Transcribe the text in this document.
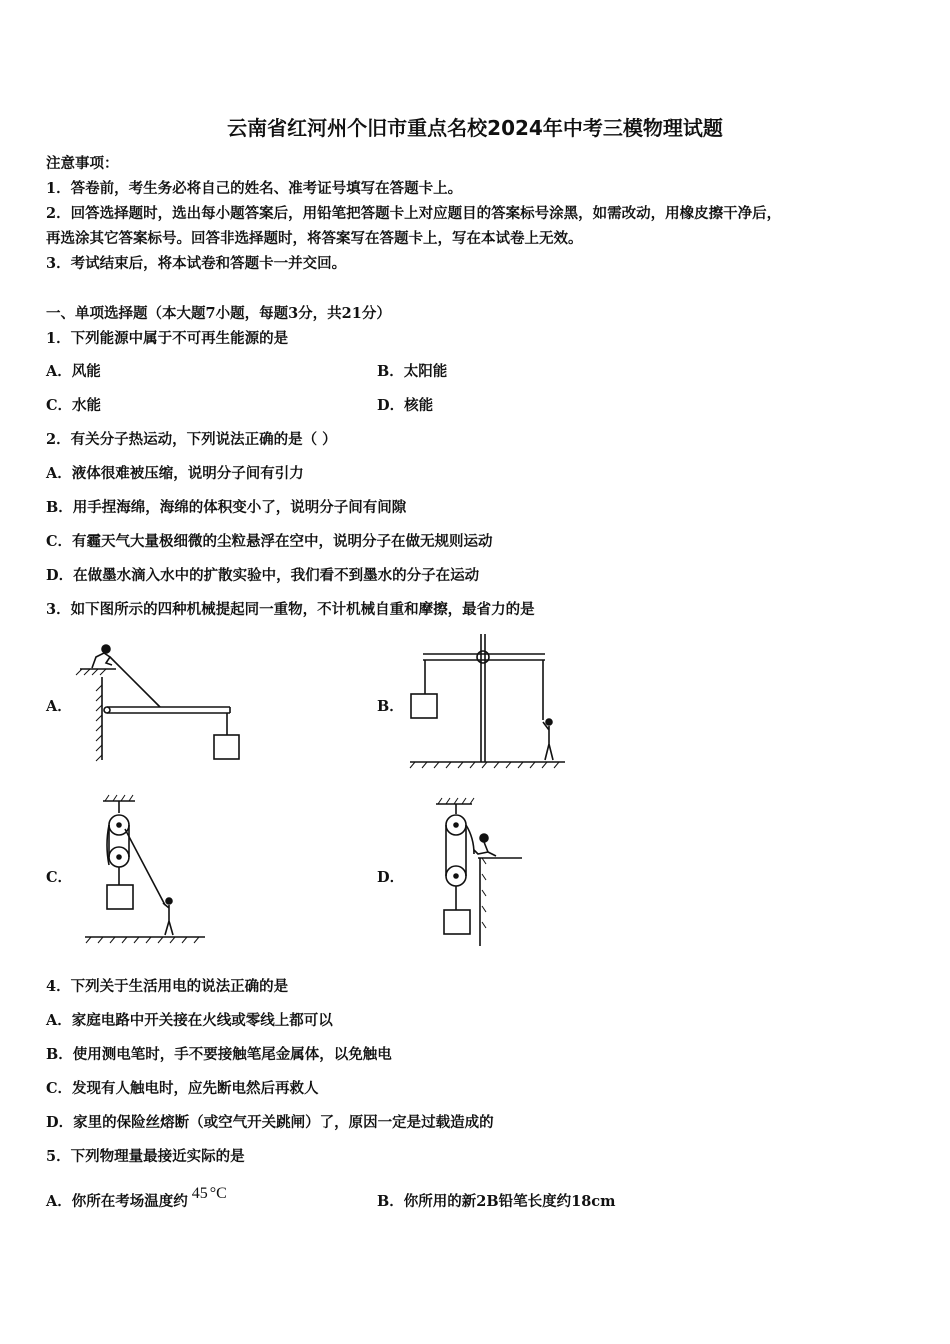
云南省红河州个旧市重点名校2024年中考三模物理试题
注意事项：
1．答卷前，考生务必将自己的姓名、准考证号填写在答题卡上。
2．回答选择题时，选出每小题答案后，用铅笔把答题卡上对应题目的答案标号涂黑，如需改动，用橡皮擦干净后，
再选涂其它答案标号。回答非选择题时，将答案写在答题卡上，写在本试卷上无效。
3．考试结束后，将本试卷和答题卡一并交回。
一、单项选择题（本大题7小题，每题3分，共21分）
1．下列能源中属于不可再生能源的是
A．风能	B．太阳能
C．水能	D．核能
2．有关分子热运动，下列说法正确的是（ ）
A．液体很难被压缩，说明分子间有引力
B．用手捏海绵，海绵的体积变小了，说明分子间有间隙
C．有霾天气大量极细微的尘粒悬浮在空中，说明分子在做无规则运动
D．在做墨水滴入水中的扩散实验中，我们看不到墨水的分子在运动
3．如下图所示的四种机械提起同一重物，不计机械自重和摩擦，最省力的是
A．	B．
C．	D．
4．下列关于生活用电的说法正确的是
A．家庭电路中开关接在火线或零线上都可以
B．使用测电笔时，手不要接触笔尾金属体，以免触电
C．发现有人触电时，应先断电然后再救人
D．家里的保险丝熔断（或空气开关跳闸）了，原因一定是过载造成的
5．下列物理量最接近实际的是
A．你所在考场温度约 45 °C	B．你所用的新2B铅笔长度约18cm
